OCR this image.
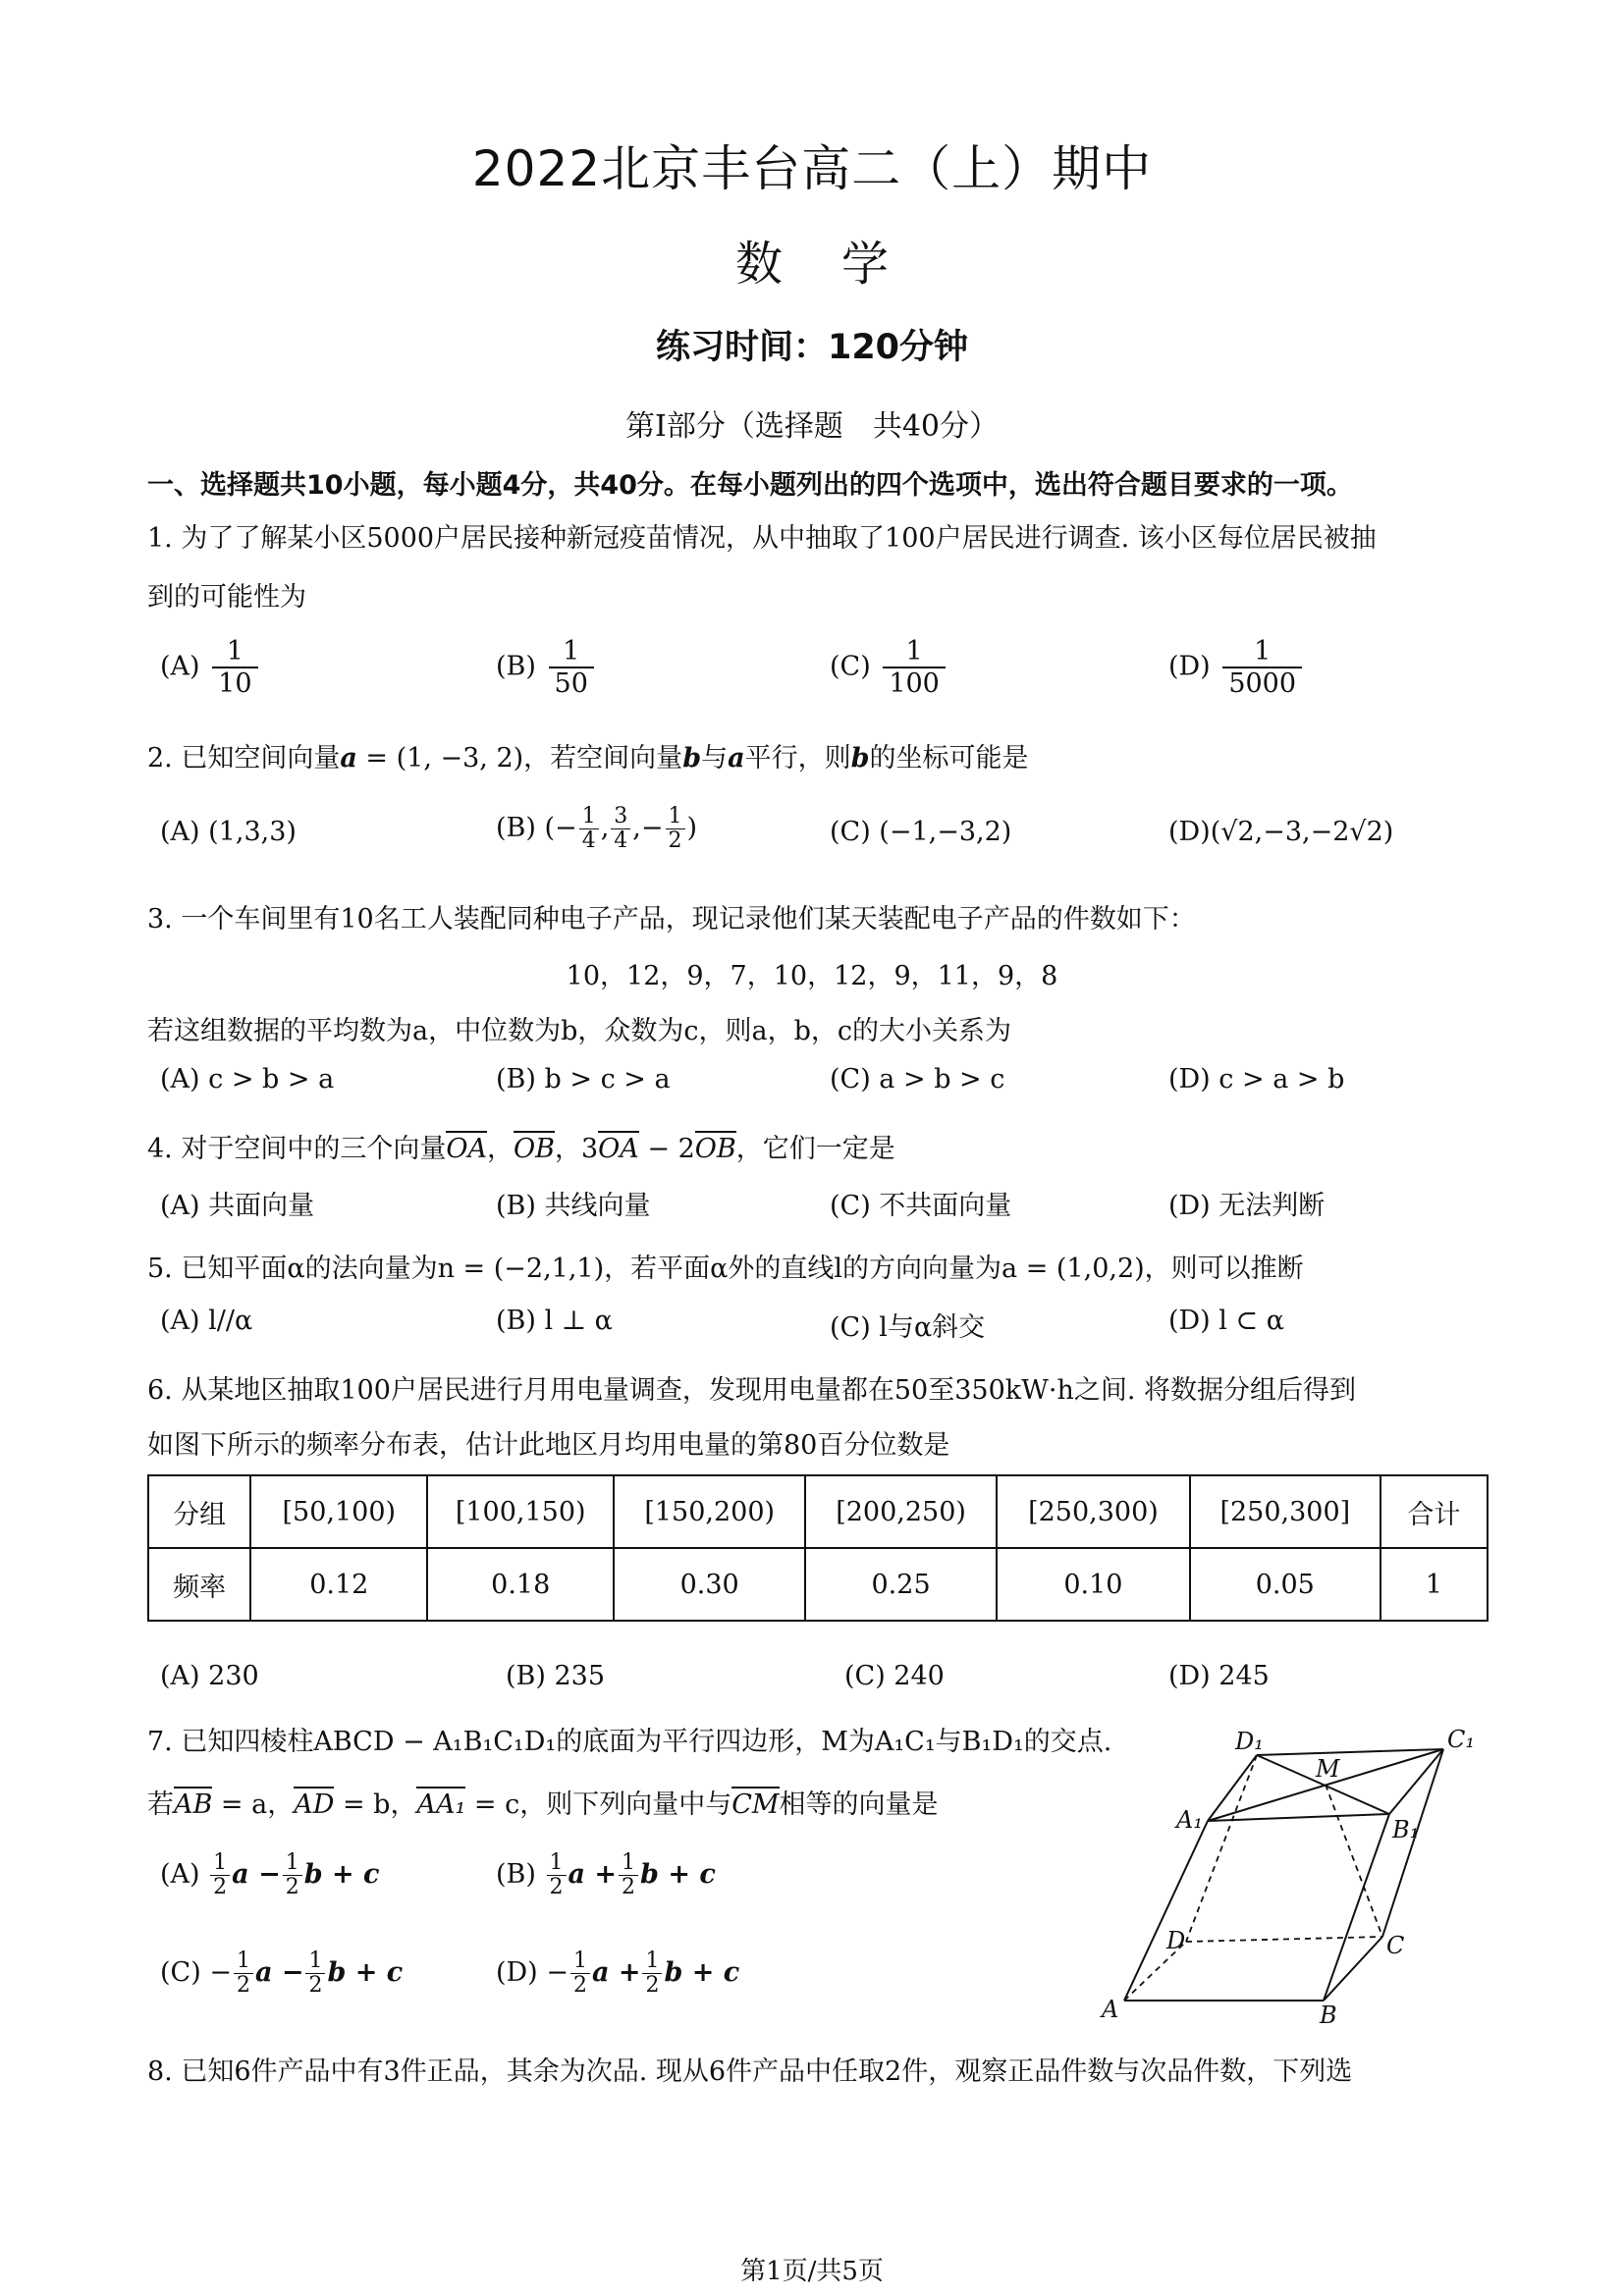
2022北京丰台高二（上）期中
数学
练习时间：120分钟
第I部分（选择题　共40分）
一、选择题共10小题，每小题4分，共40分。在每小题列出的四个选项中，选出符合题目要求的一项。
1. 为了了解某小区5000户居民接种新冠疫苗情况，从中抽取了100户居民进行调查. 该小区每位居民被抽
到的可能性为
$(A) \frac{1}{10}$	$(B) \frac{1}{50}$	$(C) \frac{1}{100}$	$(D) \frac{1}{5000}$
2. 已知空间向量a = (1, −3, 2)，若空间向量b与a平行，则b的坐标可能是
(A) (1,3,3)	(B) (− $\frac{1}{4}$ , $\frac{3}{4}$ ,− $\frac{1}{2}$ )	(C) (−1,−3,2)	(D)(√2,−3,−2√2)
3. 一个车间里有10名工人装配同种电子产品，现记录他们某天装配电子产品的件数如下：
10，12，9，7，10，12，9，11，9，8
若这组数据的平均数为a，中位数为b，众数为c，则a，b，c的大小关系为
(A) c > b > a	(B) b > c > a	(C) a > b > c	(D) c > a > b
4. 对于空间中的三个向量OA，OB，3OA − 2OB，它们一定是
(A) 共面向量	(B) 共线向量	(C) 不共面向量	(D) 无法判断
5. 已知平面α的法向量为n = (−2,1,1)，若平面α外的直线l的方向向量为a = (1,0,2)，则可以推断
(A) l//α	(B) l ⊥ α	(C) l与α斜交	(D) l ⊂ α
6. 从某地区抽取100户居民进行月用电量调查，发现用电量都在50至350kW·h之间. 将数据分组后得到
如图下所示的频率分布表，估计此地区月均用电量的第80百分位数是
分组	[50,100)	[100,150)	[150,200)	[200,250)	[250,300)	[250,300]	合计
频率	0.12	0.18	0.30	0.25	0.10	0.05	1
(A) 230	(B) 235	(C) 240	(D) 245
7. 已知四棱柱ABCD − A₁B₁C₁D₁的底面为平行四边形，M为A₁C₁与B₁D₁的交点.
若AB = a，AD = b，AA₁ = c，则下列向量中与CM相等的向量是
$(A) \frac{1}{2}$ $a - \frac{1}{2}$ b + c	$(B) \frac{1}{2}$ $a + \frac{1}{2}$ b + c
$(C) - \frac{1}{2}$ $a - \frac{1}{2}$ b + c	$(D) - \frac{1}{2}$ $a + \frac{1}{2}$ b + c
D₁	C₁
M
A₁	B₁
D	C
A	B
8. 已知6件产品中有3件正品，其余为次品. 现从6件产品中任取2件，观察正品件数与次品件数，下列选
第1页/共5页
